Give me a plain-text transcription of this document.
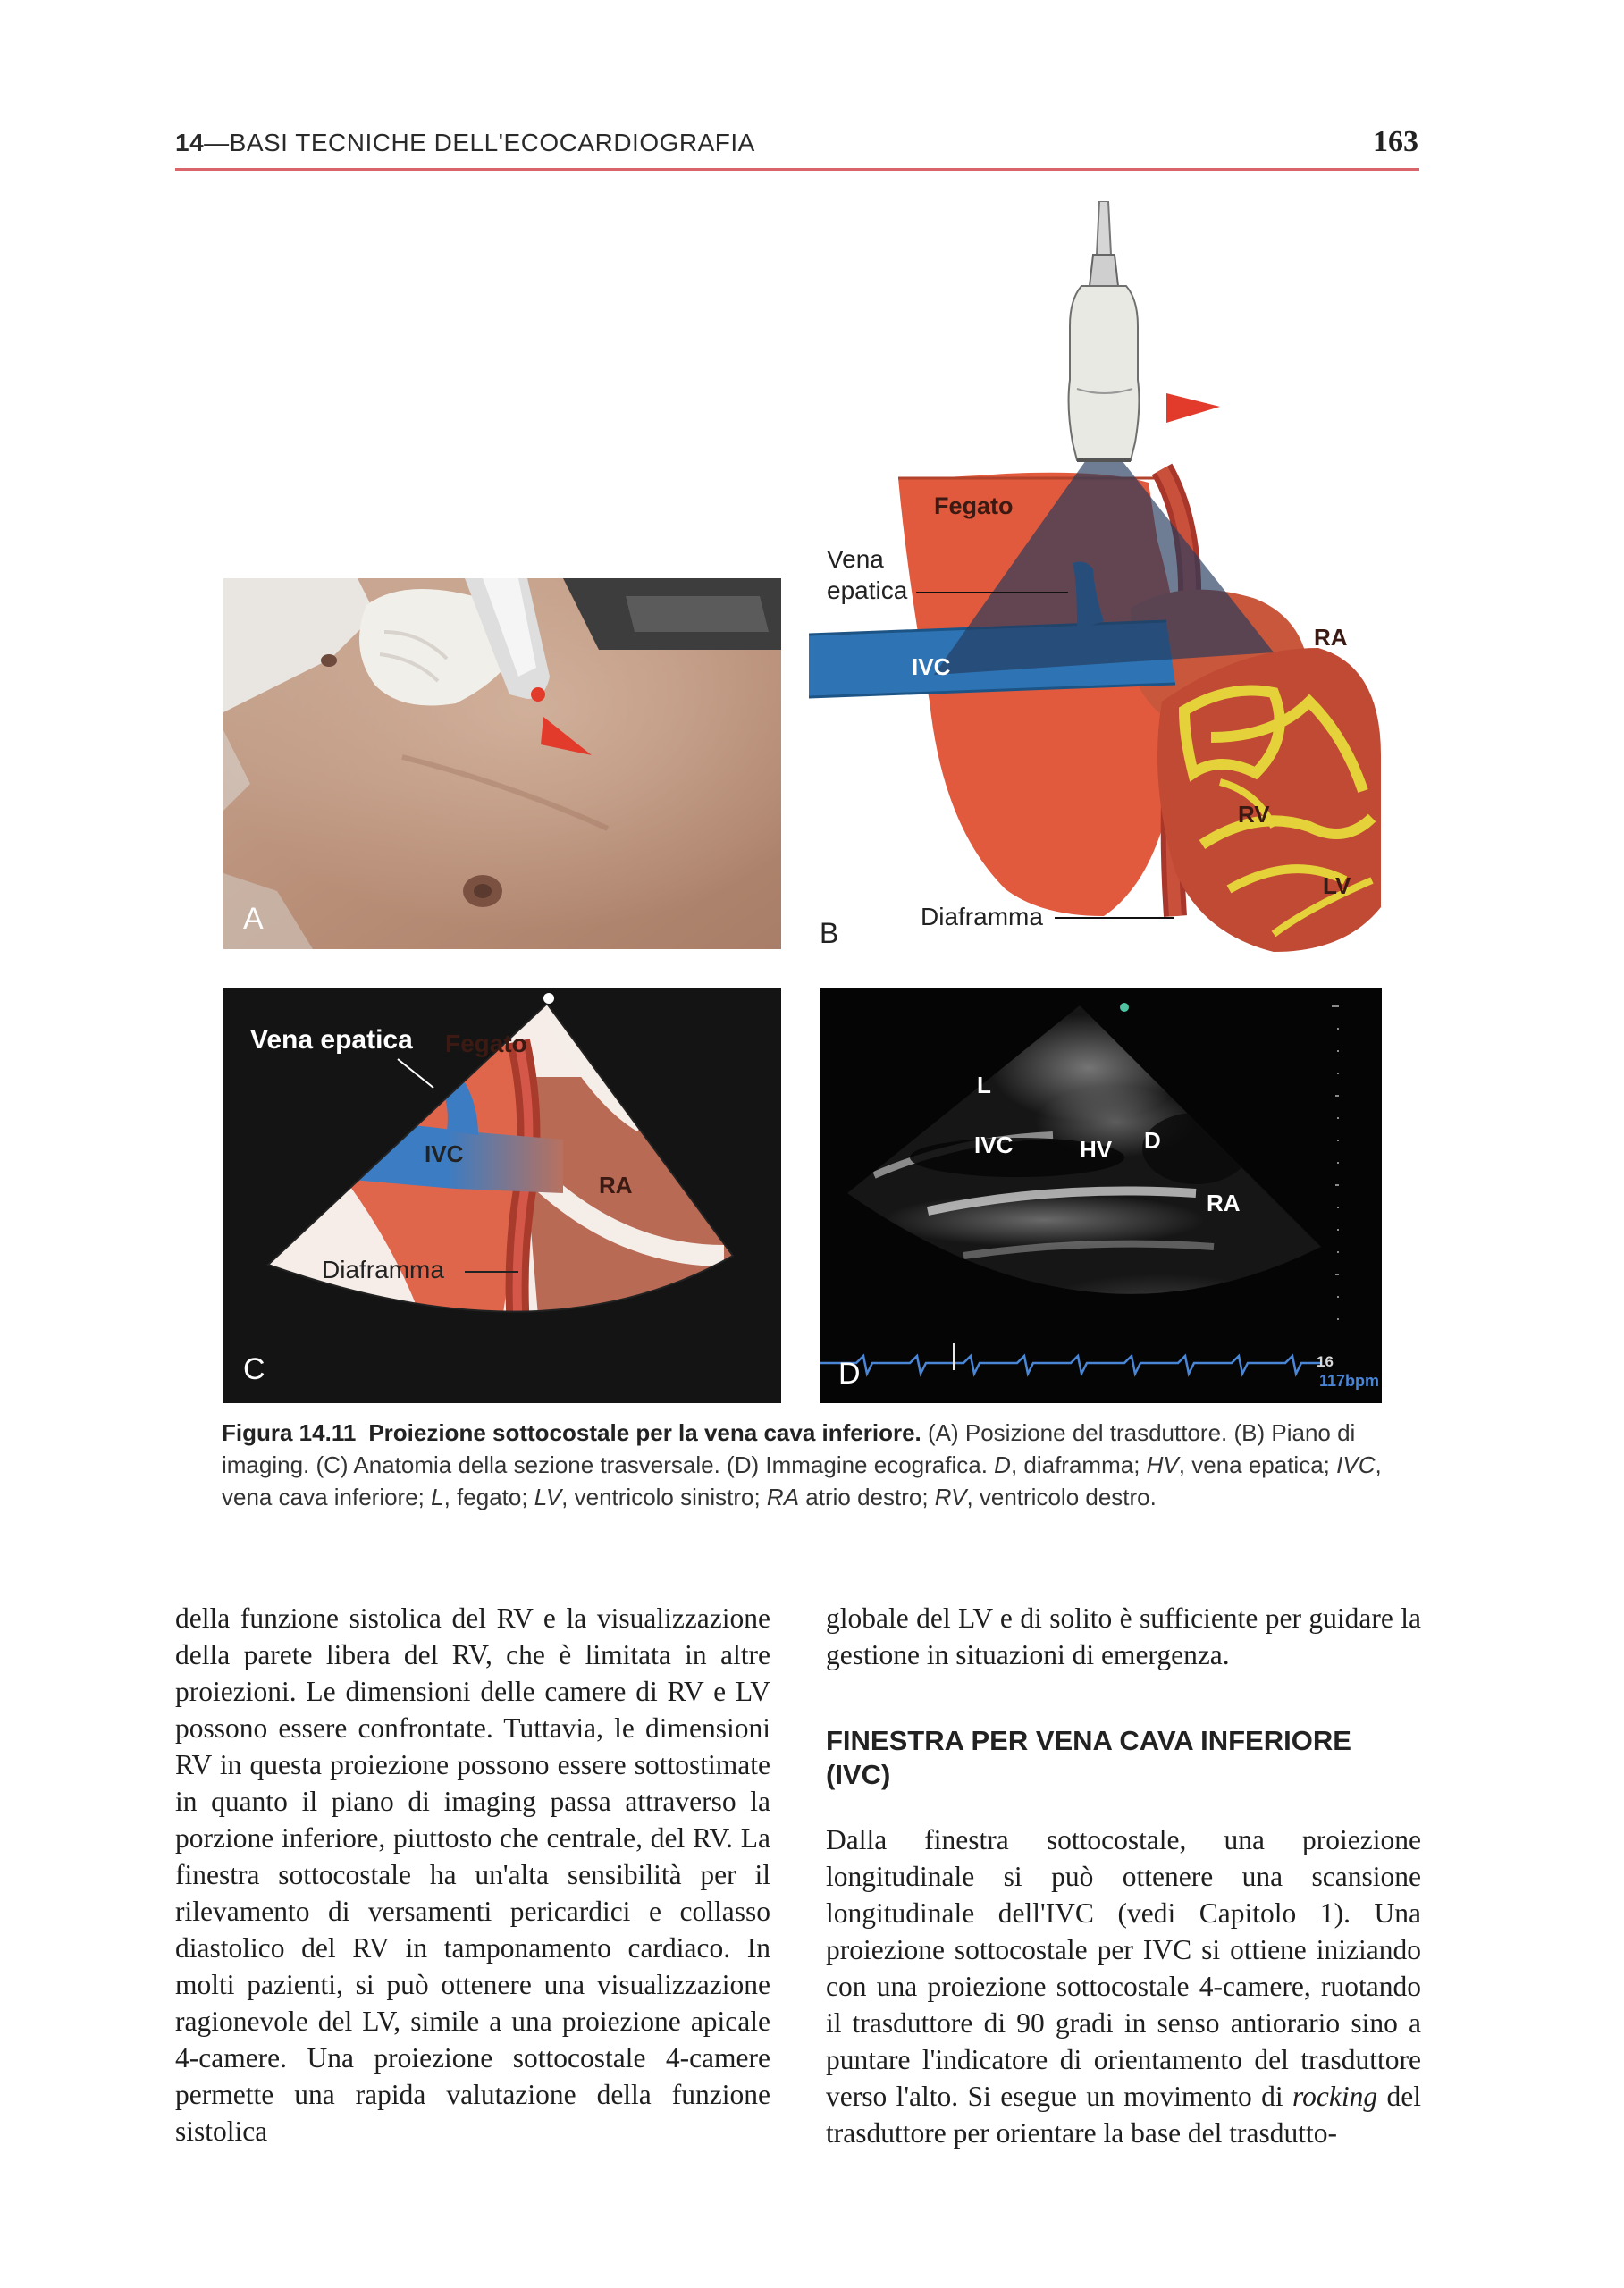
14—BASI TECNICHE DELL'ECOCARDIOGRAFIA	163
A
Fegato
Vena
epatica
IVC
RA
RV
LV
Diaframma
B
Vena epatica Fegato
IVC
RA
Diaframma
C
L
IVC	HV D
RA
16
117bpm
D
Figura 14.11 Proiezione sottocostale per la vena cava inferiore. (A) Posizione del trasduttore. (B) Piano di imaging. (C) Anatomia della sezione trasversale. (D) Immagine ecografica. D, diaframma; HV, vena epatica; IVC, vena cava inferiore; L, fegato; LV, ventricolo sinistro; RA atrio destro; RV, ventricolo destro.

della funzione sistolica del RV e la visualizzazione della parete libera del RV, che è limitata in altre proiezioni. Le dimensioni delle camere di RV e LV possono essere confrontate. Tuttavia, le dimensioni RV in questa proiezione possono essere sottostimate in quanto il piano di imaging passa attraverso la porzione inferiore, piuttosto che centrale, del RV. La finestra sottocostale ha un'alta sensibilità per il rilevamento di versamenti pericardici e collasso diastolico del RV in tamponamento cardiaco. In molti pazienti, si può ottenere una visualizzazione ragionevole del LV, simile a una proiezione apicale 4-camere. Una proiezione sottocostale 4-camere permette una rapida valutazione della funzione sistolica

globale del LV e di solito è sufficiente per guidare la gestione in situazioni di emergenza.

FINESTRA PER VENA CAVA INFERIORE (IVC)

Dalla finestra sottocostale, una proiezione longitudinale si può ottenere una scansione longitudinale dell'IVC (vedi Capitolo 1). Una proiezione sottocostale per IVC si ottiene iniziando con una proiezione sottocostale 4-camere, ruotando il trasduttore di 90 gradi in senso antiorario sino a puntare l'indicatore di orientamento del trasduttore verso l'alto. Si esegue un movimento di rocking del trasduttore per orientare la base del trasdutto-
